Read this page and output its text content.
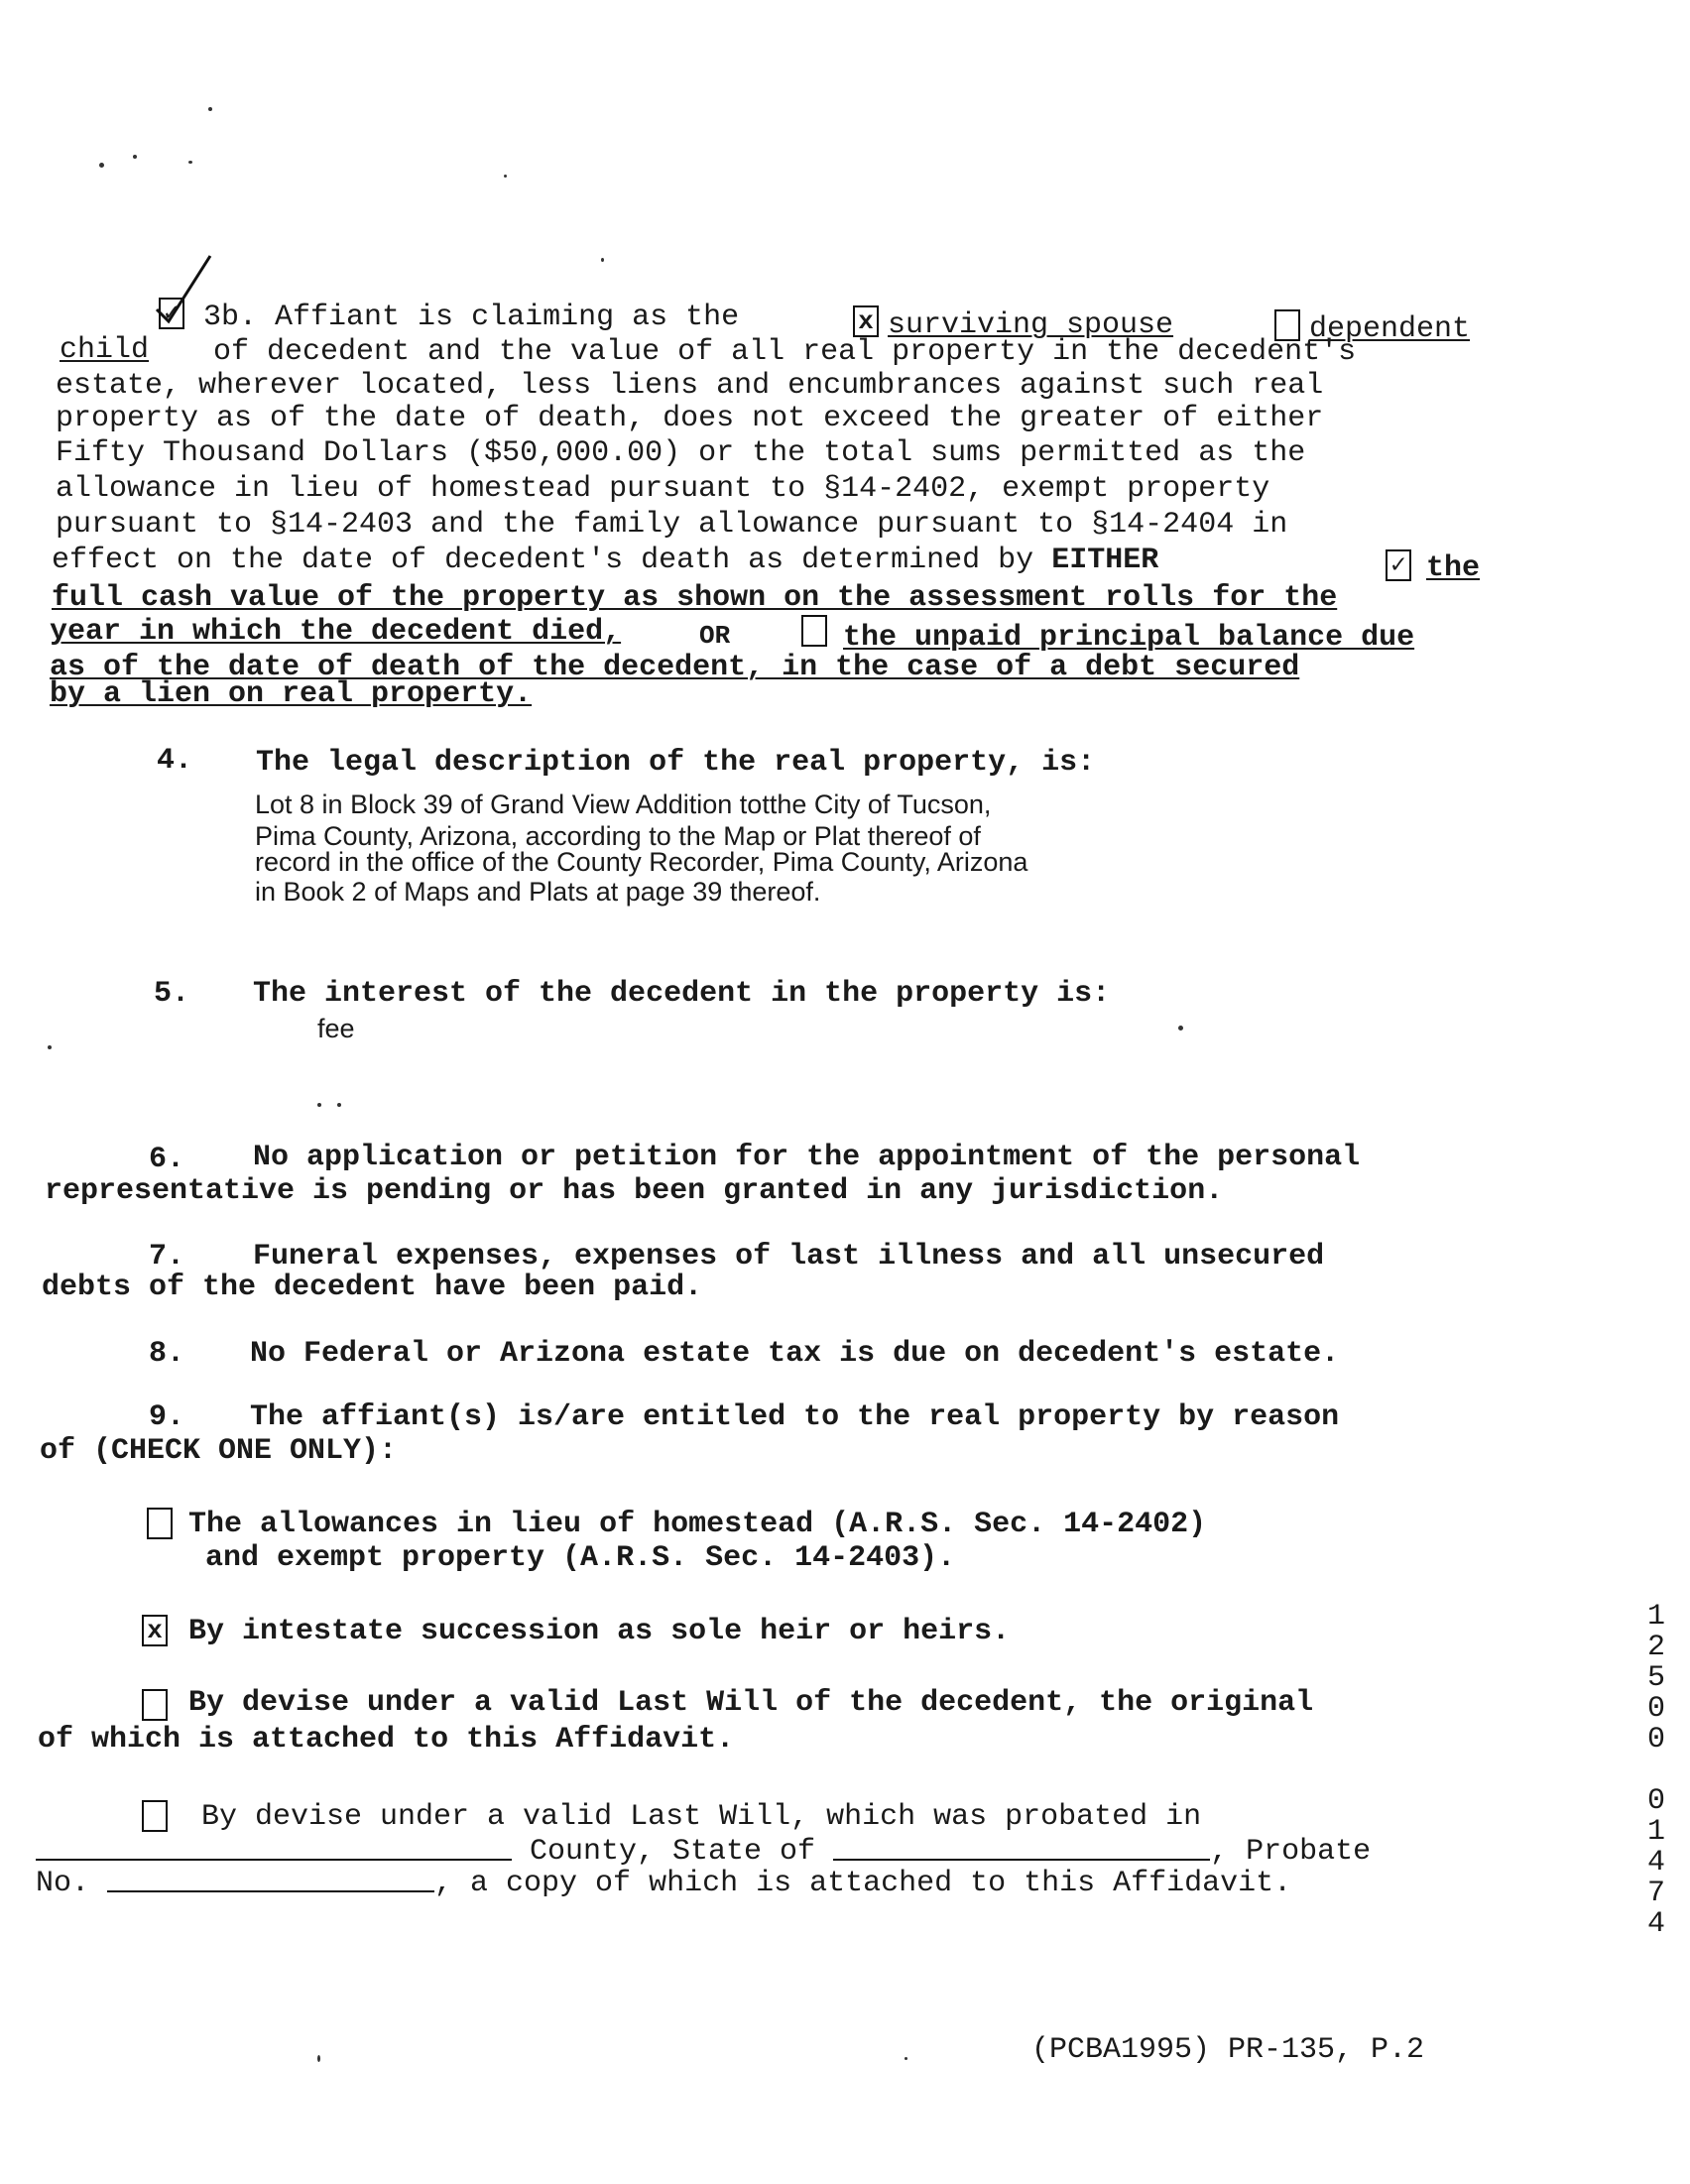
✓ 3b. Affiant is claiming as the	x surviving spouse	dependent
child of decedent and the value of all real property in the decedent's
estate, wherever located, less liens and encumbrances against such real
property as of the date of death, does not exceed the greater of either
Fifty Thousand Dollars ($50,000.00) or the total sums permitted as the
allowance in lieu of homestead pursuant to §14-2402, exempt property
pursuant to §14-2403 and the family allowance pursuant to §14-2404 in
effect on the date of decedent's death as determined by EITHER	✓ the
full cash value of the property as shown on the assessment rolls for the
year in which the decedent died,	OR	the unpaid principal balance due
as of the date of death of the decedent, in the case of a debt secured
by a lien on real property.
4. The legal description of the real property, is:
Lot 8 in Block 39 of Grand View Addition totthe City of Tucson,
Pima County, Arizona, according to the Map or Plat thereof of
record in the office of the County Recorder, Pima County, Arizona
in Book 2 of Maps and Plats at page 39 thereof.
5. The interest of the decedent in the property is:
fee
6. No application or petition for the appointment of the personal
representative is pending or has been granted in any jurisdiction.
7. Funeral expenses, expenses of last illness and all unsecured
debts of the decedent have been paid.
8. No Federal or Arizona estate tax is due on decedent's estate.
9. The affiant(s) is/are entitled to the real property by reason
of (CHECK ONE ONLY):
The allowances in lieu of homestead (A.R.S. Sec. 14-2402)
and exempt property (A.R.S. Sec. 14-2403).
x By intestate succession as sole heir or heirs.
By devise under a valid Last Will of the decedent, the original
of which is attached to this Affidavit.
By devise under a valid Last Will, which was probated in
County, State of	, Probate
No.	, a copy of which is attached to this Affidavit.
(PCBA1995) PR-135, P.2
1
2
5
0
0

0
1
4
7
4
